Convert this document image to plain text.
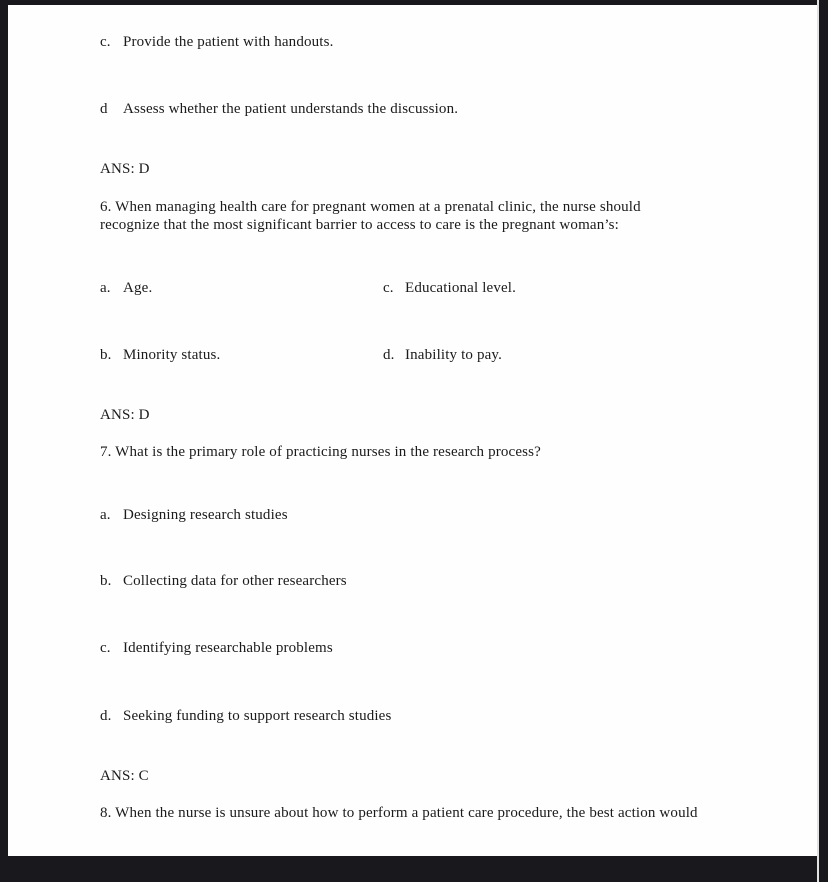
c. Provide the patient with handouts.
d	Assess whether the patient understands the discussion.
ANS: D
6. When managing health care for pregnant women at a prenatal clinic, the nurse should
recognize that the most significant barrier to access to care is the pregnant woman’s:
a. Age.	c. Educational level.
b. Minority status.	d. Inability to pay.
ANS: D
7. What is the primary role of practicing nurses in the research process?
a. Designing research studies
b. Collecting data for other researchers
c. Identifying researchable problems
d. Seeking funding to support research studies
ANS: C
8. When the nurse is unsure about how to perform a patient care procedure, the best action would
